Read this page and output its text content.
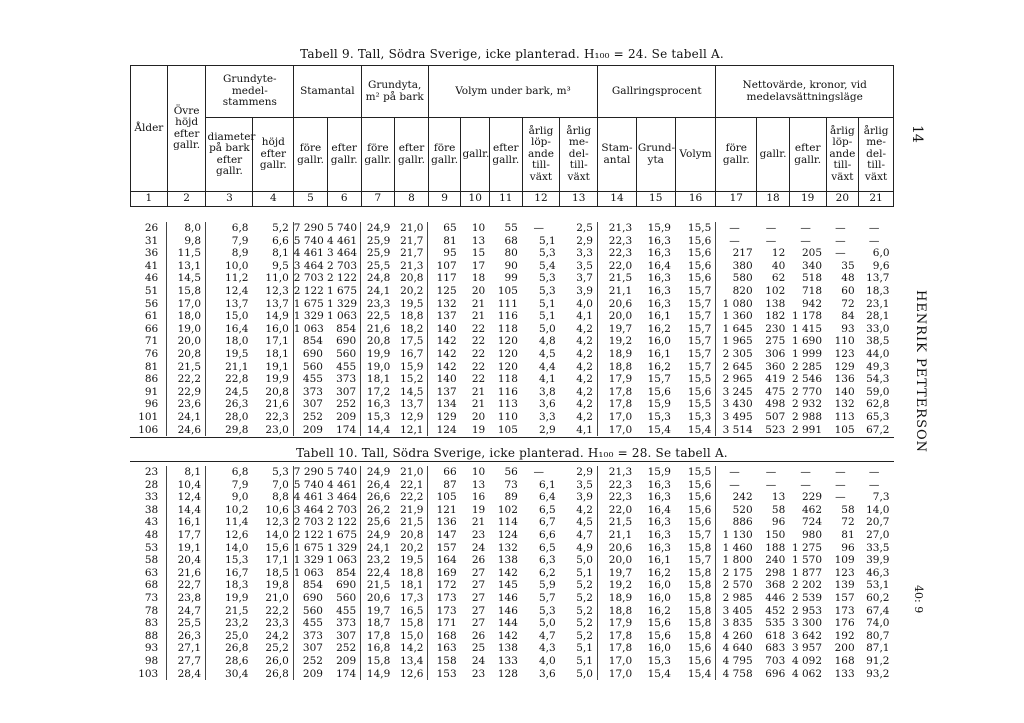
Tabell 9. Tall, Södra Sverige, icke planterad. H₁₀₀ = 24. Se tabell A.
Ålder	Övre höjd efter gallr.	Grundyte-medel-stammens		Stamantal		Grundyta, m² på bark		Volym under bark, m³					Gallringsprocent			Nettovärde, kronor, vid medelavsättningsläge				
		diameter på bark efter gallr.	höjd efter gallr.	före gallr.	efter gallr.	före gallr.	efter gallr.	före gallr.	gallr.	efter gallr.	årlig löp-ande till-växt	årlig me-del-till-växt	Stam-antal	Grund-yta	Volym	före gallr.	gallr.	efter gallr.	årlig löp-ande till-växt	årlig me-del-till-växt
1	2	3	4	5	6	7	8	9	10	11	12	13	14	15	16	17	18	19	20	21
26	8,0	6,8	5,2	7 290	5 740	24,9	21,0	65	10	55	—	2,5	21,3	15,9	15,5	—	—	—	—	—
31	9,8	7,9	6,6	5 740	4 461	25,9	21,7	81	13	68	5,1	2,9	22,3	16,3	15,6	—	—	—	—	—
36	11,5	8,9	8,1	4 461	3 464	25,9	21,7	95	15	80	5,3	3,3	22,3	16,3	15,6	217	12	205	—	6,0
41	13,1	10,0	9,5	3 464	2 703	25,5	21,3	107	17	90	5,4	3,5	22,0	16,4	15,6	380	40	340	35	9,6
46	14,5	11,2	11,0	2 703	2 122	24,8	20,8	117	18	99	5,3	3,7	21,5	16,3	15,6	580	62	518	48	13,7
51	15,8	12,4	12,3	2 122	1 675	24,1	20,2	125	20	105	5,3	3,9	21,1	16,3	15,7	820	102	718	60	18,3
56	17,0	13,7	13,7	1 675	1 329	23,3	19,5	132	21	111	5,1	4,0	20,6	16,3	15,7	1 080	138	942	72	23,1
61	18,0	15,0	14,9	1 329	1 063	22,5	18,8	137	21	116	5,1	4,1	20,0	16,1	15,7	1 360	182	1 178	84	28,1
66	19,0	16,4	16,0	1 063	854	21,6	18,2	140	22	118	5,0	4,2	19,7	16,2	15,7	1 645	230	1 415	93	33,0
71	20,0	18,0	17,1	854	690	20,8	17,5	142	22	120	4,8	4,2	19,2	16,0	15,7	1 965	275	1 690	110	38,5
76	20,8	19,5	18,1	690	560	19,9	16,7	142	22	120	4,5	4,2	18,9	16,1	15,7	2 305	306	1 999	123	44,0
81	21,5	21,1	19,1	560	455	19,0	15,9	142	22	120	4,4	4,2	18,8	16,2	15,7	2 645	360	2 285	129	49,3
86	22,2	22,8	19,9	455	373	18,1	15,2	140	22	118	4,1	4,2	17,9	15,7	15,5	2 965	419	2 546	136	54,3
91	22,9	24,5	20,8	373	307	17,2	14,5	137	21	116	3,8	4,2	17,8	15,6	15,6	3 245	475	2 770	140	59,0
96	23,6	26,3	21,6	307	252	16,3	13,7	134	21	113	3,6	4,2	17,8	15,9	15,5	3 430	498	2 932	132	62,8
101	24,1	28,0	22,3	252	209	15,3	12,9	129	20	110	3,3	4,2	17,0	15,3	15,3	3 495	507	2 988	113	65,3
106	24,6	29,8	23,0	209	174	14,4	12,1	124	19	105	2,9	4,1	17,0	15,4	15,4	3 514	523	2 991	105	67,2
Tabell 10. Tall, Södra Sverige, icke planterad. H₁₀₀ = 28. Se tabell A.
23	8,1	6,8	5,3	7 290	5 740	24,9	21,0	66	10	56	—	2,9	21,3	15,9	15,5	—	—	—	—	—
28	10,4	7,9	7,0	5 740	4 461	26,4	22,1	87	13	73	6,1	3,5	22,3	16,3	15,6	—	—	—	—	—
33	12,4	9,0	8,8	4 461	3 464	26,6	22,2	105	16	89	6,4	3,9	22,3	16,3	15,6	242	13	229	—	7,3
38	14,4	10,2	10,6	3 464	2 703	26,2	21,9	121	19	102	6,5	4,2	22,0	16,4	15,6	520	58	462	58	14,0
43	16,1	11,4	12,3	2 703	2 122	25,6	21,5	136	21	114	6,7	4,5	21,5	16,3	15,6	886	96	724	72	20,7
48	17,7	12,6	14,0	2 122	1 675	24,9	20,8	147	23	124	6,6	4,7	21,1	16,3	15,7	1 130	150	980	81	27,0
53	19,1	14,0	15,6	1 675	1 329	24,1	20,2	157	24	132	6,5	4,9	20,6	16,3	15,8	1 460	188	1 275	96	33,5
58	20,4	15,3	17,1	1 329	1 063	23,2	19,5	164	26	138	6,3	5,0	20,0	16,1	15,7	1 800	240	1 570	109	39,9
63	21,6	16,7	18,5	1 063	854	22,4	18,8	169	27	142	6,2	5,1	19,7	16,2	15,8	2 175	298	1 877	123	46,3
68	22,7	18,3	19,8	854	690	21,5	18,1	172	27	145	5,9	5,2	19,2	16,0	15,8	2 570	368	2 202	139	53,1
73	23,8	19,9	21,0	690	560	20,6	17,3	173	27	146	5,7	5,2	18,9	16,0	15,8	2 985	446	2 539	157	60,2
78	24,7	21,5	22,2	560	455	19,7	16,5	173	27	146	5,3	5,2	18,8	16,2	15,8	3 405	452	2 953	173	67,4
83	25,5	23,2	23,3	455	373	18,7	15,8	171	27	144	5,0	5,2	17,9	15,6	15,8	3 835	535	3 300	176	74,0
88	26,3	25,0	24,2	373	307	17,8	15,0	168	26	142	4,7	5,2	17,8	15,6	15,8	4 260	618	3 642	192	80,7
93	27,1	26,8	25,2	307	252	16,8	14,2	163	25	138	4,3	5,1	17,8	16,0	15,6	4 640	683	3 957	200	87,1
98	27,7	28,6	26,0	252	209	15,8	13,4	158	24	133	4,0	5,1	17,0	15,3	15,6	4 795	703	4 092	168	91,2
103	28,4	30,4	26,8	209	174	14,9	12,6	153	23	128	3,6	5,0	17,0	15,4	15,4	4 758	696	4 062	133	93,2
14
HENRIK PETTERSON
40: 9
